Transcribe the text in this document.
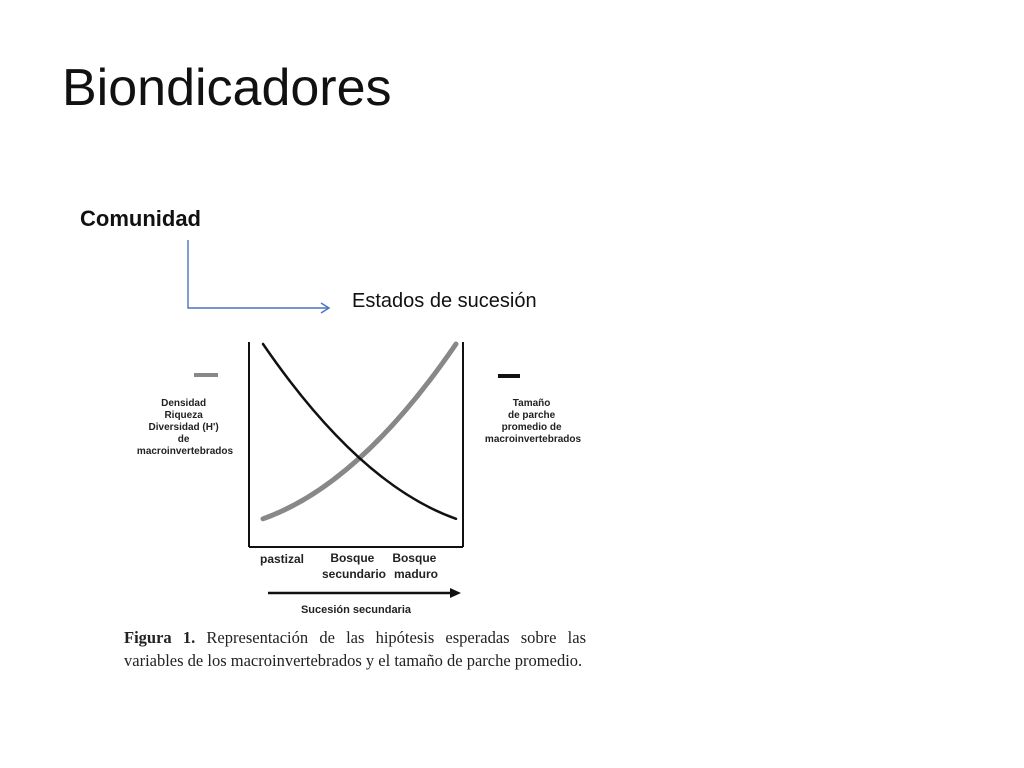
Biondicadores
Comunidad
Estados de sucesión
Densidad Riqueza Diversidad (H') de macroinvertebrados
Tamaño de parche promedio de macroinvertebrados
pastizal	Bosque secundario
Bosque maduro
Sucesión secundaria
Figura 1. Representación de las hipótesis esperadas sobre las variables de los macroinvertebrados y el tamaño de parche promedio.
